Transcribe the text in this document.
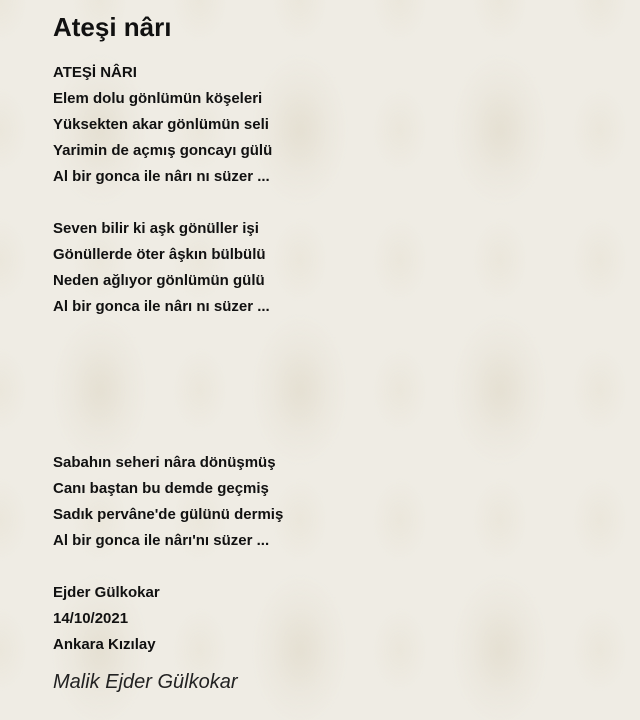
Ateşi nârı
ATEŞİ NÂRI
Elem dolu gönlümün köşeleri
Yüksekten akar gönlümün seli
Yarimin de açmış goncayı gülü
Al bir gonca ile nârı nı süzer ...
Seven bilir ki aşk gönüller işi
Gönüllerde öter âşkın bülbülü
Neden ağlıyor gönlümün gülü
Al bir gonca ile nârı nı süzer ...
Sabahın seheri nâra dönüşmüş
Canı baştan bu demde geçmiş
Sadık pervâne'de gülünü dermiş
Al bir gonca ile nârı'nı süzer ...
Ejder Gülkokar
14/10/2021
Ankara Kızılay
Malik Ejder Gülkokar
